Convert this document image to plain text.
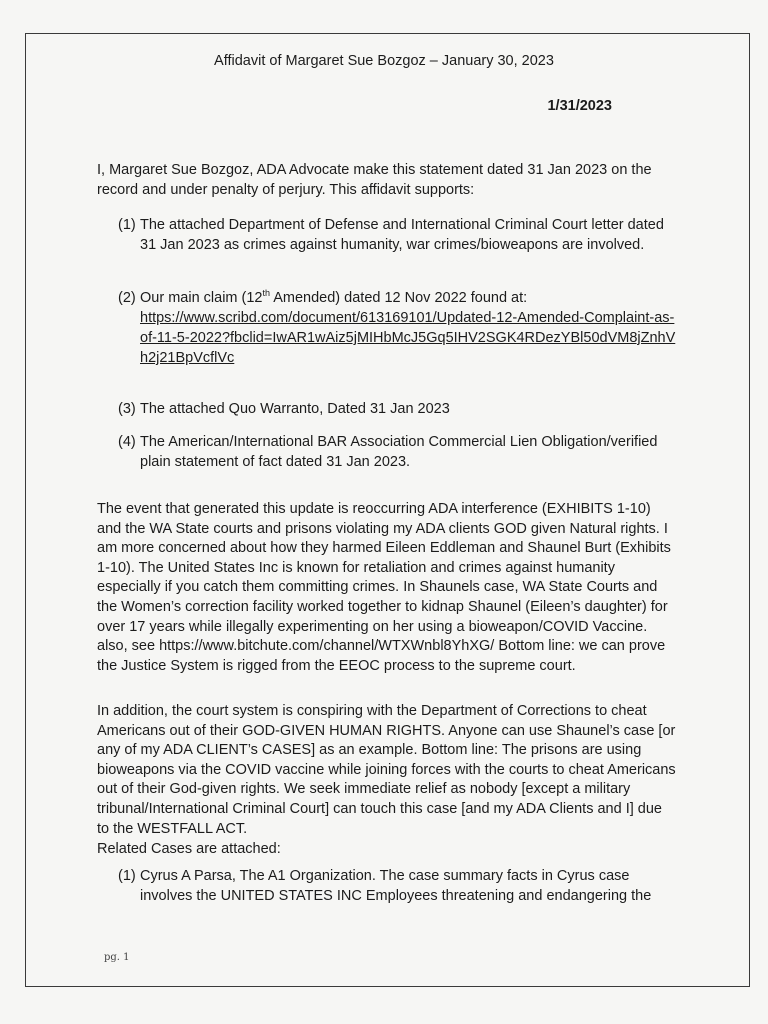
Affidavit of Margaret Sue Bozgoz – January 30, 2023
1/31/2023
I, Margaret Sue Bozgoz, ADA Advocate make this statement dated 31 Jan 2023 on the record and under penalty of perjury. This affidavit supports:
(1) The attached Department of Defense and International Criminal Court letter dated 31 Jan 2023 as crimes against humanity, war crimes/bioweapons are involved.
(2) Our main claim (12th Amended) dated 12 Nov 2022 found at:
https://www.scribd.com/document/613169101/Updated-12-Amended-Complaint-as-of-11-5-2022?fbclid=IwAR1wAiz5jMIHbMcJ5Gq5IHV2SGK4RDezYBl50dVM8jZnhVh2j21BpVcflVc
(3) The attached Quo Warranto, Dated 31 Jan 2023
(4) The American/International BAR Association Commercial Lien Obligation/verified plain statement of fact dated 31 Jan 2023.
The event that generated this update is reoccurring ADA interference (EXHIBITS 1-10) and the WA State courts and prisons violating my ADA clients GOD given Natural rights. I am more concerned about how they harmed Eileen Eddleman and Shaunel Burt (Exhibits 1-10). The United States Inc is known for retaliation and crimes against humanity especially if you catch them committing crimes. In Shaunels case, WA State Courts and the Women’s correction facility worked together to kidnap Shaunel (Eileen’s daughter) for over 17 years while illegally experimenting on her using a bioweapon/COVID Vaccine. also, see https://www.bitchute.com/channel/WTXWnbl8YhXG/ Bottom line: we can prove the Justice System is rigged from the EEOC process to the supreme court.
In addition, the court system is conspiring with the Department of Corrections to cheat Americans out of their GOD-GIVEN HUMAN RIGHTS. Anyone can use Shaunel’s case [or any of my ADA CLIENT’s CASES] as an example. Bottom line: The prisons are using bioweapons via the COVID vaccine while joining forces with the courts to cheat Americans out of their God-given rights. We seek immediate relief as nobody [except a military tribunal/International Criminal Court] can touch this case [and my ADA Clients and I] due to the WESTFALL ACT.
Related Cases are attached:
(1) Cyrus A Parsa, The A1 Organization. The case summary facts in Cyrus case involves the UNITED STATES INC Employees threatening and endangering the
pg. 1
